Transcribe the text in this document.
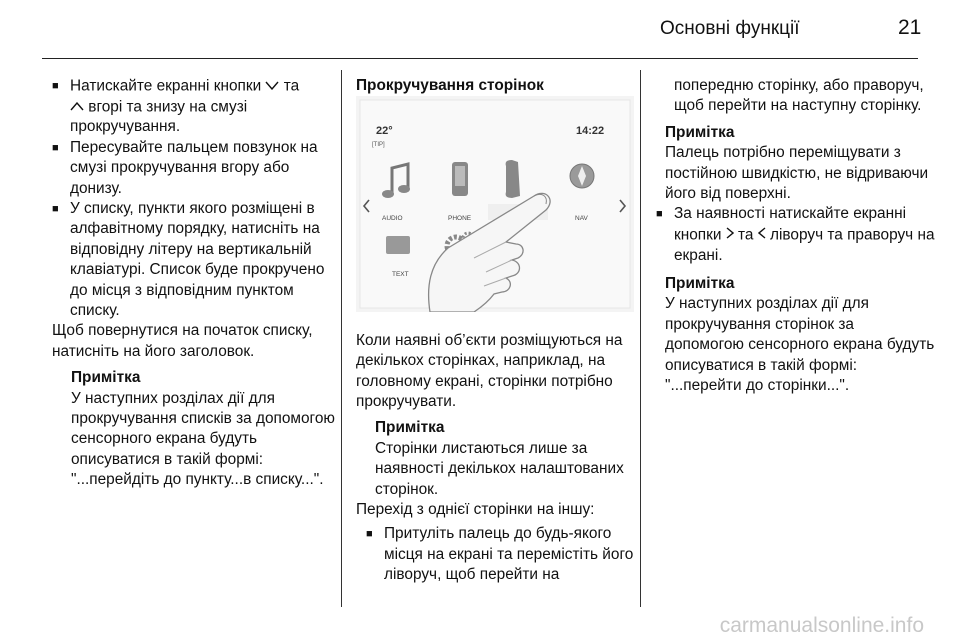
Основні функції	21

■ Натискайте екранні кнопки та
вгорі та знизу на смузі прокручування.

■ Пересувайте пальцем повзунок на смузі прокручування вгору або донизу.

■ У списку, пункти якого розміщені в алфавітному порядку, натисніть на відповідну літеру на вертикальній клавіатурі. Список буде прокручено до місця з відповідним пунктом списку.

Щоб повернутися на початок списку, натисніть на його заголовок.

Примітка

У наступних розділах дії для прокручування списків за допомогою сенсорного екрана будуть описуватися в такій формі: "...перейдіть до пункту...в списку...".

Прокручування сторінок

22°
[TIP]
14:22
AUDIO	PHONE	NAV
TEXT

Коли наявні об’єкти розміщуються на декількох сторінках, наприклад, на головному екрані, сторінки потрібно прокручувати.

Примітка

Сторінки листаються лише за наявності декількох налаштованих сторінок.

Перехід з однієї сторінки на іншу:

■ Притуліть палець до будь-якого місця на екрані та перемістіть його ліворуч, щоб перейти на

попередню сторінку, або праворуч, щоб перейти на наступну сторінку.

Примітка

Палець потрібно переміщувати з постійною швидкістю, не відриваючи його від поверхні.

■ За наявності натискайте екранні кнопки та ліворуч та праворуч на екрані.

Примітка

У наступних розділах дії для прокручування сторінок за допомогою сенсорного екрана будуть описуватися в такій формі: "...перейти до сторінки...".

carmanualsonline.info
